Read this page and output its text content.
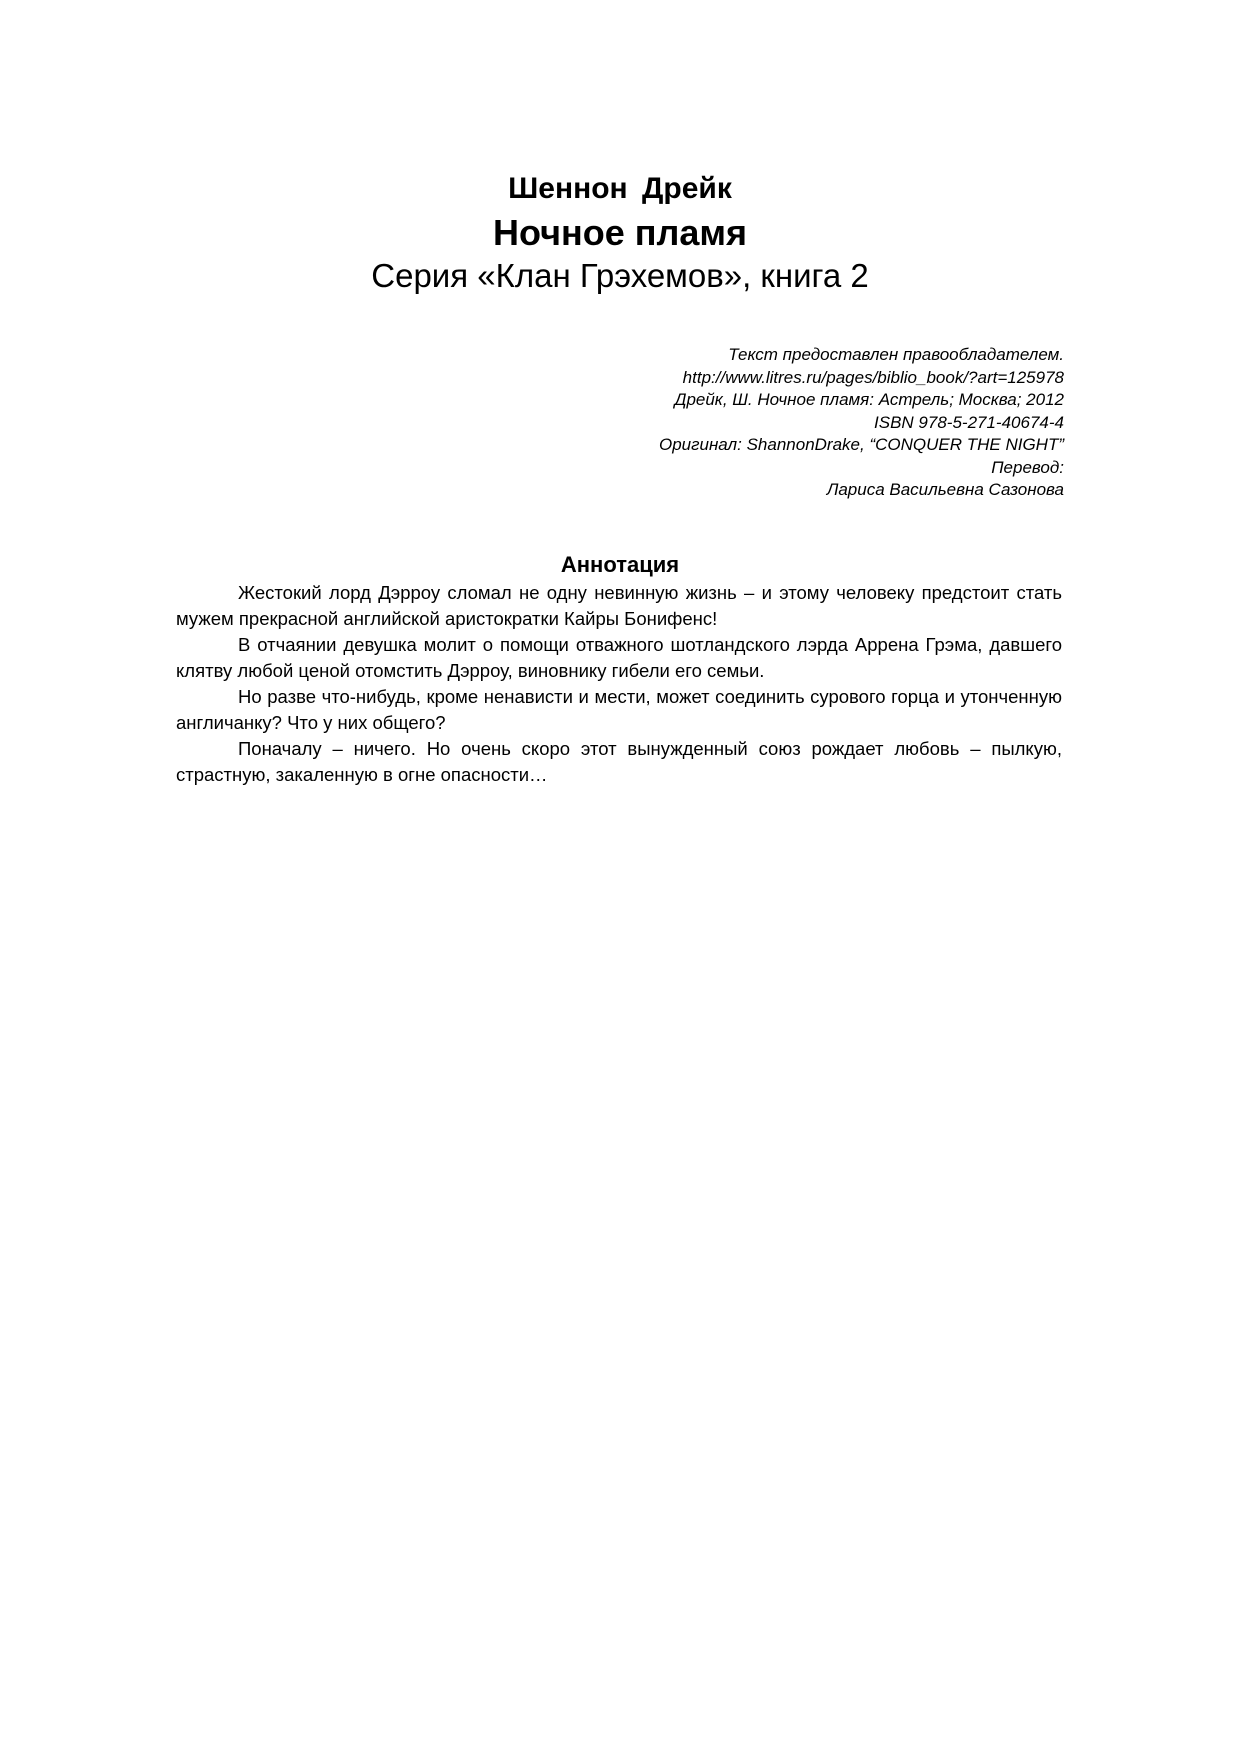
Шеннон Дрейк
Ночное пламя
Серия «Клан Грэхемов», книга 2
Текст предоставлен правообладателем.
http://www.litres.ru/pages/biblio_book/?art=125978
Дрейк, Ш. Ночное пламя: Астрель; Москва; 2012
ISBN 978-5-271-40674-4
Оригинал: ShannonDrake, “CONQUER THE NIGHT”
Перевод:
Лариса Васильевна Сазонова
Аннотация

Жестокий лорд Дэрроу сломал не одну невинную жизнь – и этому человеку предстоит стать мужем прекрасной английской аристократки Кайры Бонифенс!

В отчаянии девушка молит о помощи отважного шотландского лэрда Аррена Грэма, давшего клятву любой ценой отомстить Дэрроу, виновнику гибели его семьи.

Но разве что-нибудь, кроме ненависти и мести, может соединить сурового горца и утонченную англичанку? Что у них общего?

Поначалу – ничего. Но очень скоро этот вынужденный союз рождает любовь – пылкую, страстную, закаленную в огне опасности…
